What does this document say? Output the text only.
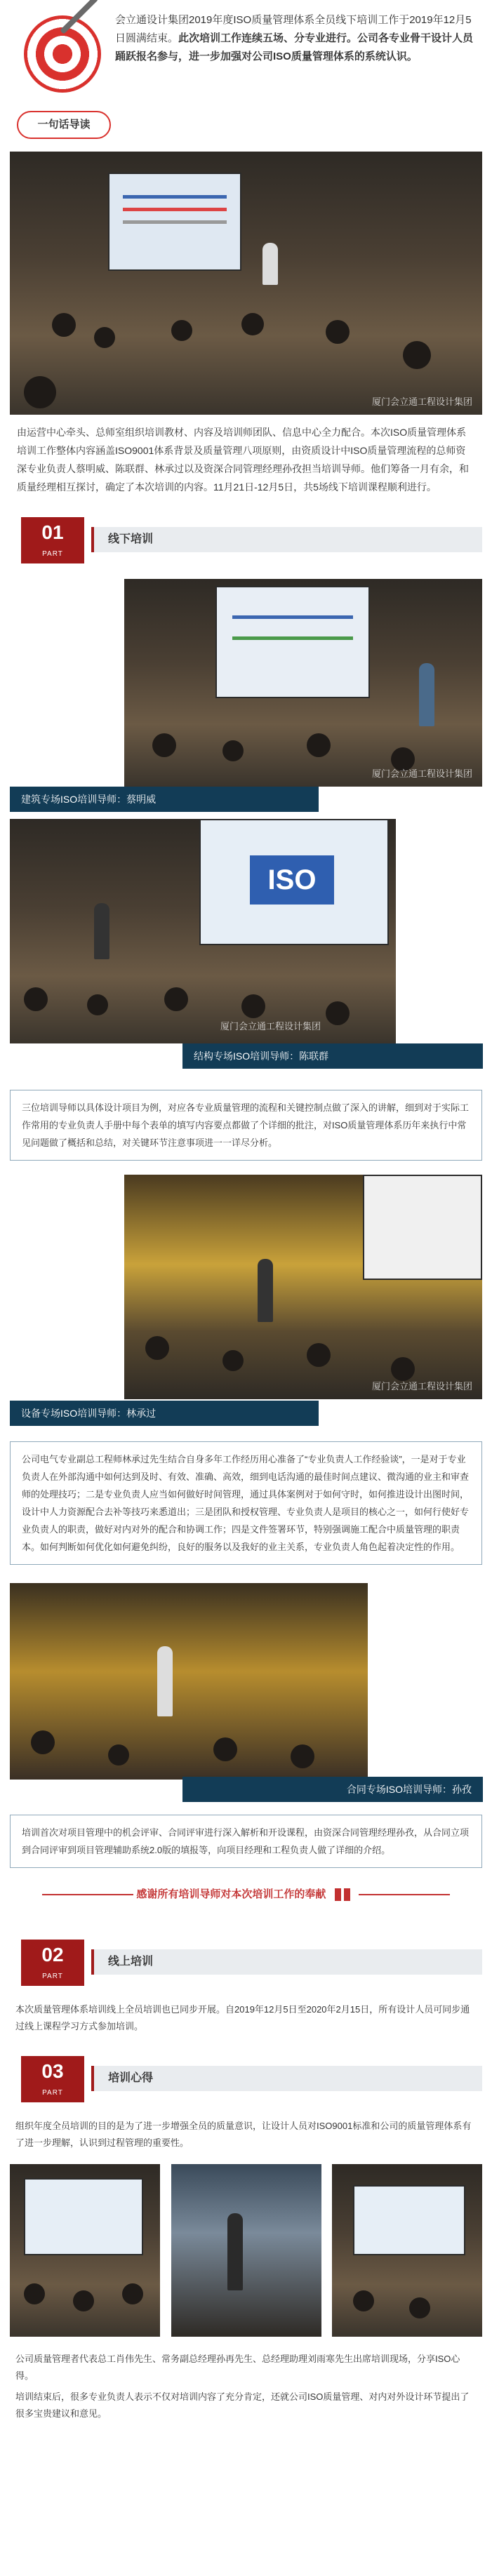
一句话导读
会立通设计集团2019年度ISO质量管理体系全员线下培训工作于2019年12月5日圆满结束。此次培训工作连续五场、分专业进行。公司各专业骨干设计人员踊跃报名参与，进一步加强对公司ISO质量管理体系的系统认识。
厦门会立通工程设计集团
由运营中心牵头、总师室组织培训教材、内容及培训师团队、信息中心全力配合。本次ISO质量管理体系培训工作整体内容涵盖ISO9001体系背景及质量管理八项原则，由资质设计中ISO质量管理流程的总师资深专业负责人蔡明威、陈联群、林承过以及资深合同管理经理孙孜担当培训导师。他们筹备一月有余，和质量经理相互探讨，确定了本次培训的内容。11月21日-12月5日，共5场线下培训课程顺利进行。
01
PART
线下培训
厦门会立通工程设计集团
建筑专场ISO培训导师：蔡明威
ISO
厦门会立通工程设计集团
结构专场ISO培训导师：陈联群
三位培训导师以具体设计项目为例，对应各专业质量管理的流程和关键控制点做了深入的讲解，细到对于实际工作常用的专业负责人手册中每个表单的填写内容要点都做了个详细的批注，对ISO质量管理体系历年来执行中常见问题做了概括和总结，对关键环节注意事项进一一详尽分析。
厦门会立通工程设计集团
设备专场ISO培训导师：林承过
公司电气专业副总工程师林承过先生结合自身多年工作经历用心准备了“专业负责人工作经验谈”，一是对于专业负责人在外部沟通中如何达到及时、有效、准确、高效，细到电话沟通的最佳时间点建议、微沟通的业主和审查师的处理技巧；二是专业负责人应当如何做好时间管理，通过具体案例对于如何守时，如何推进设计出图时间，设计中人力资源配合去补等技巧来悉道出；三是团队和授权管理、专业负责人是项目的核心之一，如何行使好专业负责人的职责，做好对内对外的配合和协调工作；四是文件签署环节，特别强调施工配合中质量管理的职责本。如何判断如何优化如何避免纠纷，良好的服务以及我好的业主关系，专业负责人角色起着决定性的作用。
合同专场ISO培训导师：孙孜
培训首次对项目管理中的机会评审、合同评审进行深入解析和开设课程，由资深合同管理经理孙孜，从合同立项到合同评审到项目管理辅助系统2.0版的填报等，向项目经理和工程负责人做了详细的介绍。
感谢所有培训导师对本次培训工作的奉献
02
PART
线上培训
本次质量管理体系培训线上全员培训也已同步开展。自2019年12月5日至2020年2月15日，所有设计人员可同步通过线上课程学习方式参加培训。
03
PART
培训心得
组织年度全员培训的目的是为了进一步增强全员的质量意识，让设计人员对ISO9001标准和公司的质量管理体系有了进一步理解，认识到过程管理的重要性。
公司质量管理者代表总工肖伟先生、常务副总经理孙再先生、总经理助理刘雨寒先生出席培训现场，分享ISO心得。
培训结束后，很多专业负责人表示不仅对培训内容了充分肯定，还就公司ISO质量管理、对内对外设计环节提出了很多宝贵建议和意见。
